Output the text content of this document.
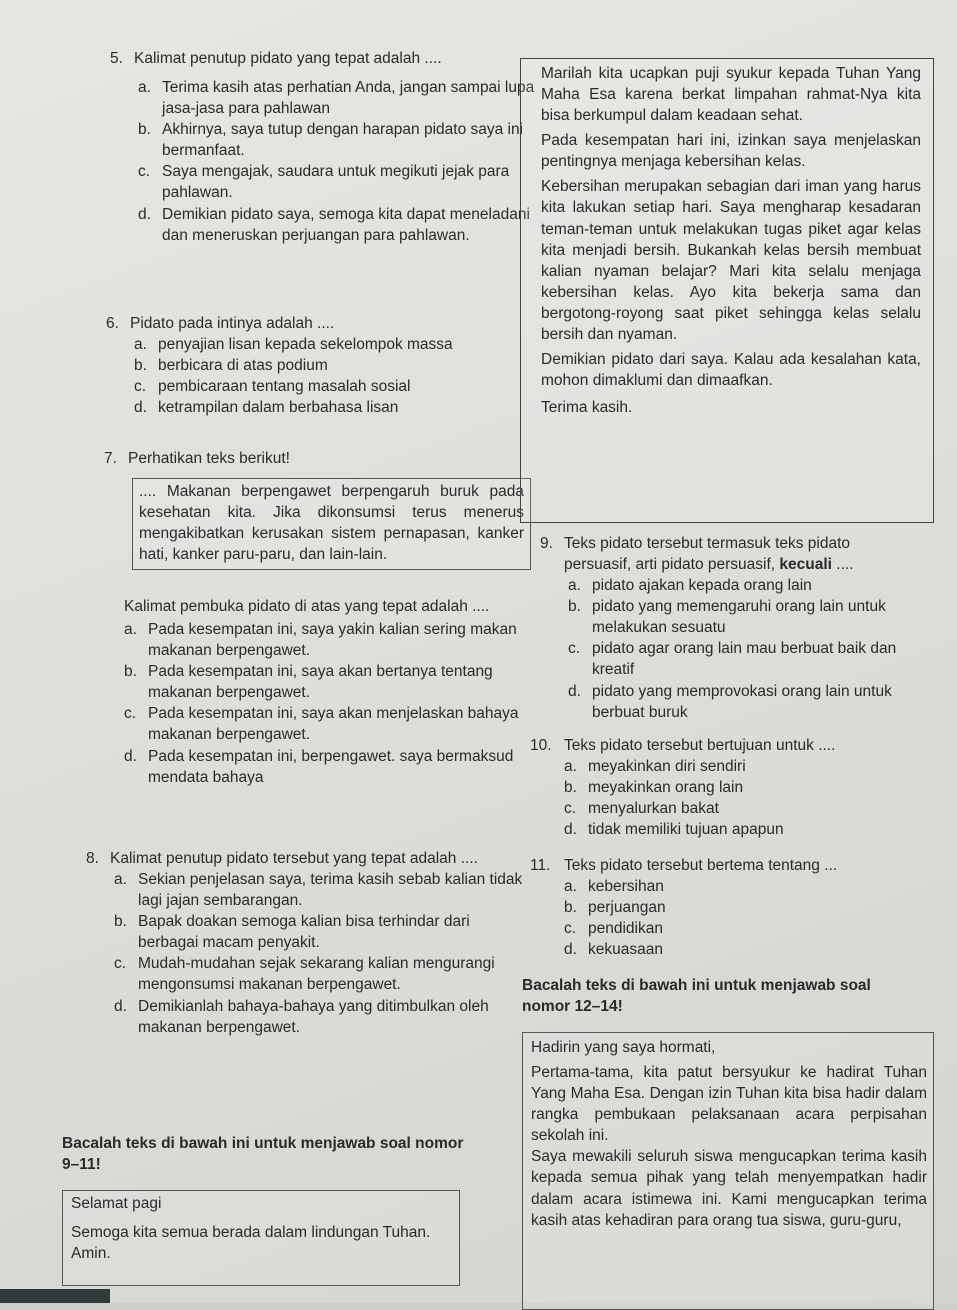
5. Kalimat penutup pidato yang tepat adalah ....
a. Terima kasih atas perhatian Anda, jangan sampai lupa jasa-jasa para pahlawan
b. Akhirnya, saya tutup dengan harapan pidato saya ini bermanfaat.
c. Saya mengajak, saudara untuk megikuti jejak para pahlawan.
d. Demikian pidato saya, semoga kita dapat meneladani dan meneruskan perjuangan para pahlawan.
6. Pidato pada intinya adalah ....
a. penyajian lisan kepada sekelompok massa
b. berbicara di atas podium
c. pembicaraan tentang masalah sosial
d. ketrampilan dalam berbahasa lisan
7. Perhatikan teks berikut!

.... Makanan berpengawet berpengaruh buruk pada kesehatan kita. Jika dikonsumsi terus menerus mengakibatkan kerusakan sistem pernapasan, kanker hati, kanker paru-paru, dan lain-lain.

Kalimat pembuka pidato di atas yang tepat adalah ....
a. Pada kesempatan ini, saya yakin kalian sering makan makanan berpengawet.
b. Pada kesempatan ini, saya akan bertanya tentang makanan berpengawet.
c. Pada kesempatan ini, saya akan menjelaskan bahaya makanan berpengawet.
d. Pada kesempatan ini, berpengawet. saya bermaksud mendata bahaya
8. Kalimat penutup pidato tersebut yang tepat adalah ....
a. Sekian penjelasan saya, terima kasih sebab kalian tidak lagi jajan sembarangan.
b. Bapak doakan semoga kalian bisa terhindar dari berbagai macam penyakit.
c. Mudah-mudahan sejak sekarang kalian mengurangi mengonsumsi makanan berpengawet.
d. Demikianlah bahaya-bahaya yang ditimbulkan oleh makanan berpengawet.
Bacalah teks di bawah ini untuk menjawab soal nomor 9–11!

Selamat pagi

Semoga kita semua berada dalam lindungan Tuhan. Amin.

Marilah kita ucapkan puji syukur kepada Tuhan Yang Maha Esa karena berkat limpahan rahmat-Nya kita bisa berkumpul dalam keadaan sehat.

Pada kesempatan hari ini, izinkan saya menjelaskan pentingnya menjaga kebersihan kelas.

Kebersihan merupakan sebagian dari iman yang harus kita lakukan setiap hari. Saya mengharap kesadaran teman-teman untuk melakukan tugas piket agar kelas kita menjadi bersih. Bukankah kelas bersih membuat kalian nyaman belajar? Mari kita selalu menjaga kebersihan kelas. Ayo kita bekerja sama dan bergotong-royong saat piket sehingga kelas selalu bersih dan nyaman.

Demikian pidato dari saya. Kalau ada kesalahan kata, mohon dimaklumi dan dimaafkan.

Terima kasih.

9. Teks pidato tersebut termasuk teks pidato persuasif, arti pidato persuasif, kecuali ....
a. pidato ajakan kepada orang lain
b. pidato yang memengaruhi orang lain untuk melakukan sesuatu
c. pidato agar orang lain mau berbuat baik dan kreatif
d. pidato yang memprovokasi orang lain untuk berbuat buruk
10. Teks pidato tersebut bertujuan untuk ....
a. meyakinkan diri sendiri
b. meyakinkan orang lain
c. menyalurkan bakat
d. tidak memiliki tujuan apapun
11. Teks pidato tersebut bertema tentang ...
a. kebersihan
b. perjuangan
c. pendidikan
d. kekuasaan
Bacalah teks di bawah ini untuk menjawab soal nomor 12–14!

Hadirin yang saya hormati,

Pertama-tama, kita patut bersyukur ke hadirat Tuhan Yang Maha Esa. Dengan izin Tuhan kita bisa hadir dalam rangka pembukaan pelaksanaan acara perpisahan sekolah ini.

Saya mewakili seluruh siswa mengucapkan terima kasih kepada semua pihak yang telah menyempatkan hadir dalam acara istimewa ini. Kami mengucapkan terima kasih atas kehadiran para orang tua siswa, guru-guru,
